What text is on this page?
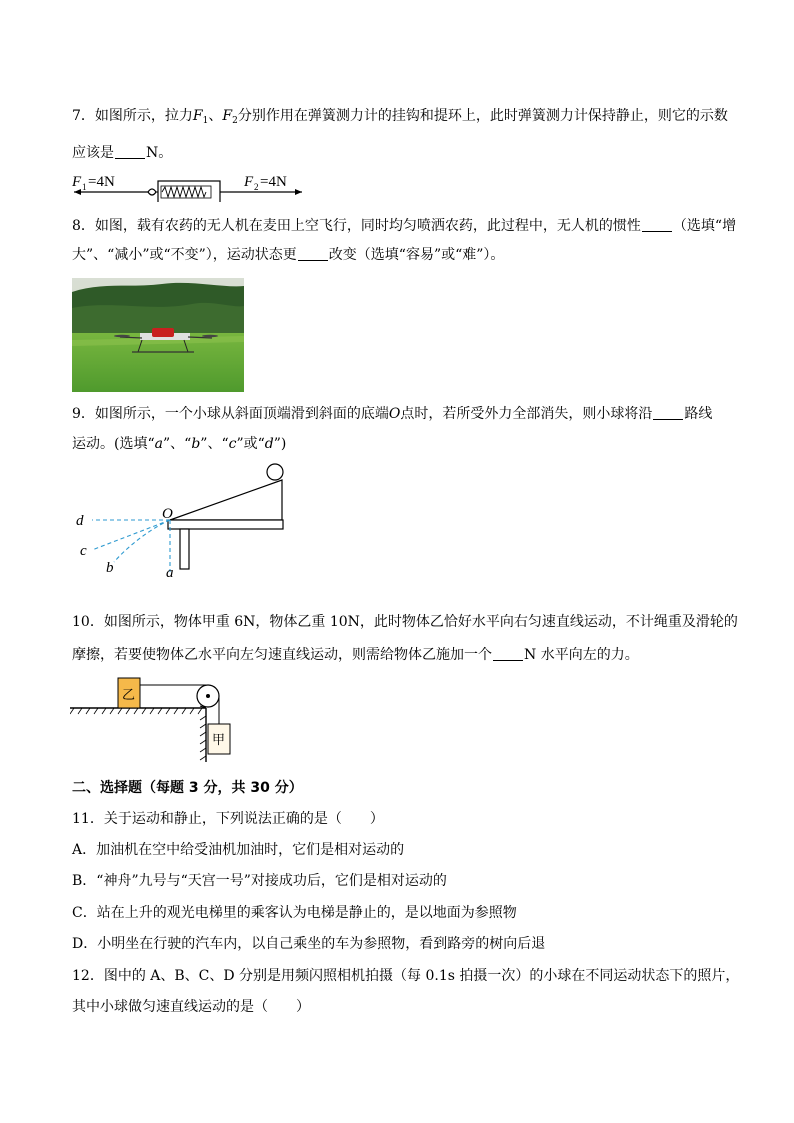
7．如图所示，拉力$F_1$、$F_2$分别作用在弹簧测力计的挂钩和提环上，此时弹簧测力计保持静止，则它的示数
应该是 N。
F 1 =4N	F 2 =4N
8．如图，载有农药的无人机在麦田上空飞行，同时均匀喷洒农药，此过程中，无人机的惯性 （选填“增
大”、“减小”或“不变”），运动状态更 改变（选填“容易”或“难”）。
9．如图所示，一个小球从斜面顶端滑到斜面的底端O点时，若所受外力全部消失，则小球将沿 路线
运动。(选填“a”、“b”、“c”或“d”)
O
a
b
c
d
10．如图所示，物体甲重 6N，物体乙重 10N，此时物体乙恰好水平向右匀速直线运动，不计绳重及滑轮的
摩擦，若要使物体乙水平向左匀速直线运动，则需给物体乙施加一个 N 水平向左的力。
乙
甲
二、选择题（每题 3 分，共 30 分）
11．关于运动和静止，下列说法正确的是（　　）
A．加油机在空中给受油机加油时，它们是相对运动的
B．“神舟”九号与“天宫一号”对接成功后，它们是相对运动的
C．站在上升的观光电梯里的乘客认为电梯是静止的，是以地面为参照物
D．小明坐在行驶的汽车内，以自己乘坐的车为参照物，看到路旁的树向后退
12．图中的 A、B、C、D 分别是用频闪照相机拍摄（每 0.1s 拍摄一次）的小球在不同运动状态下的照片，
其中小球做匀速直线运动的是（　　）
